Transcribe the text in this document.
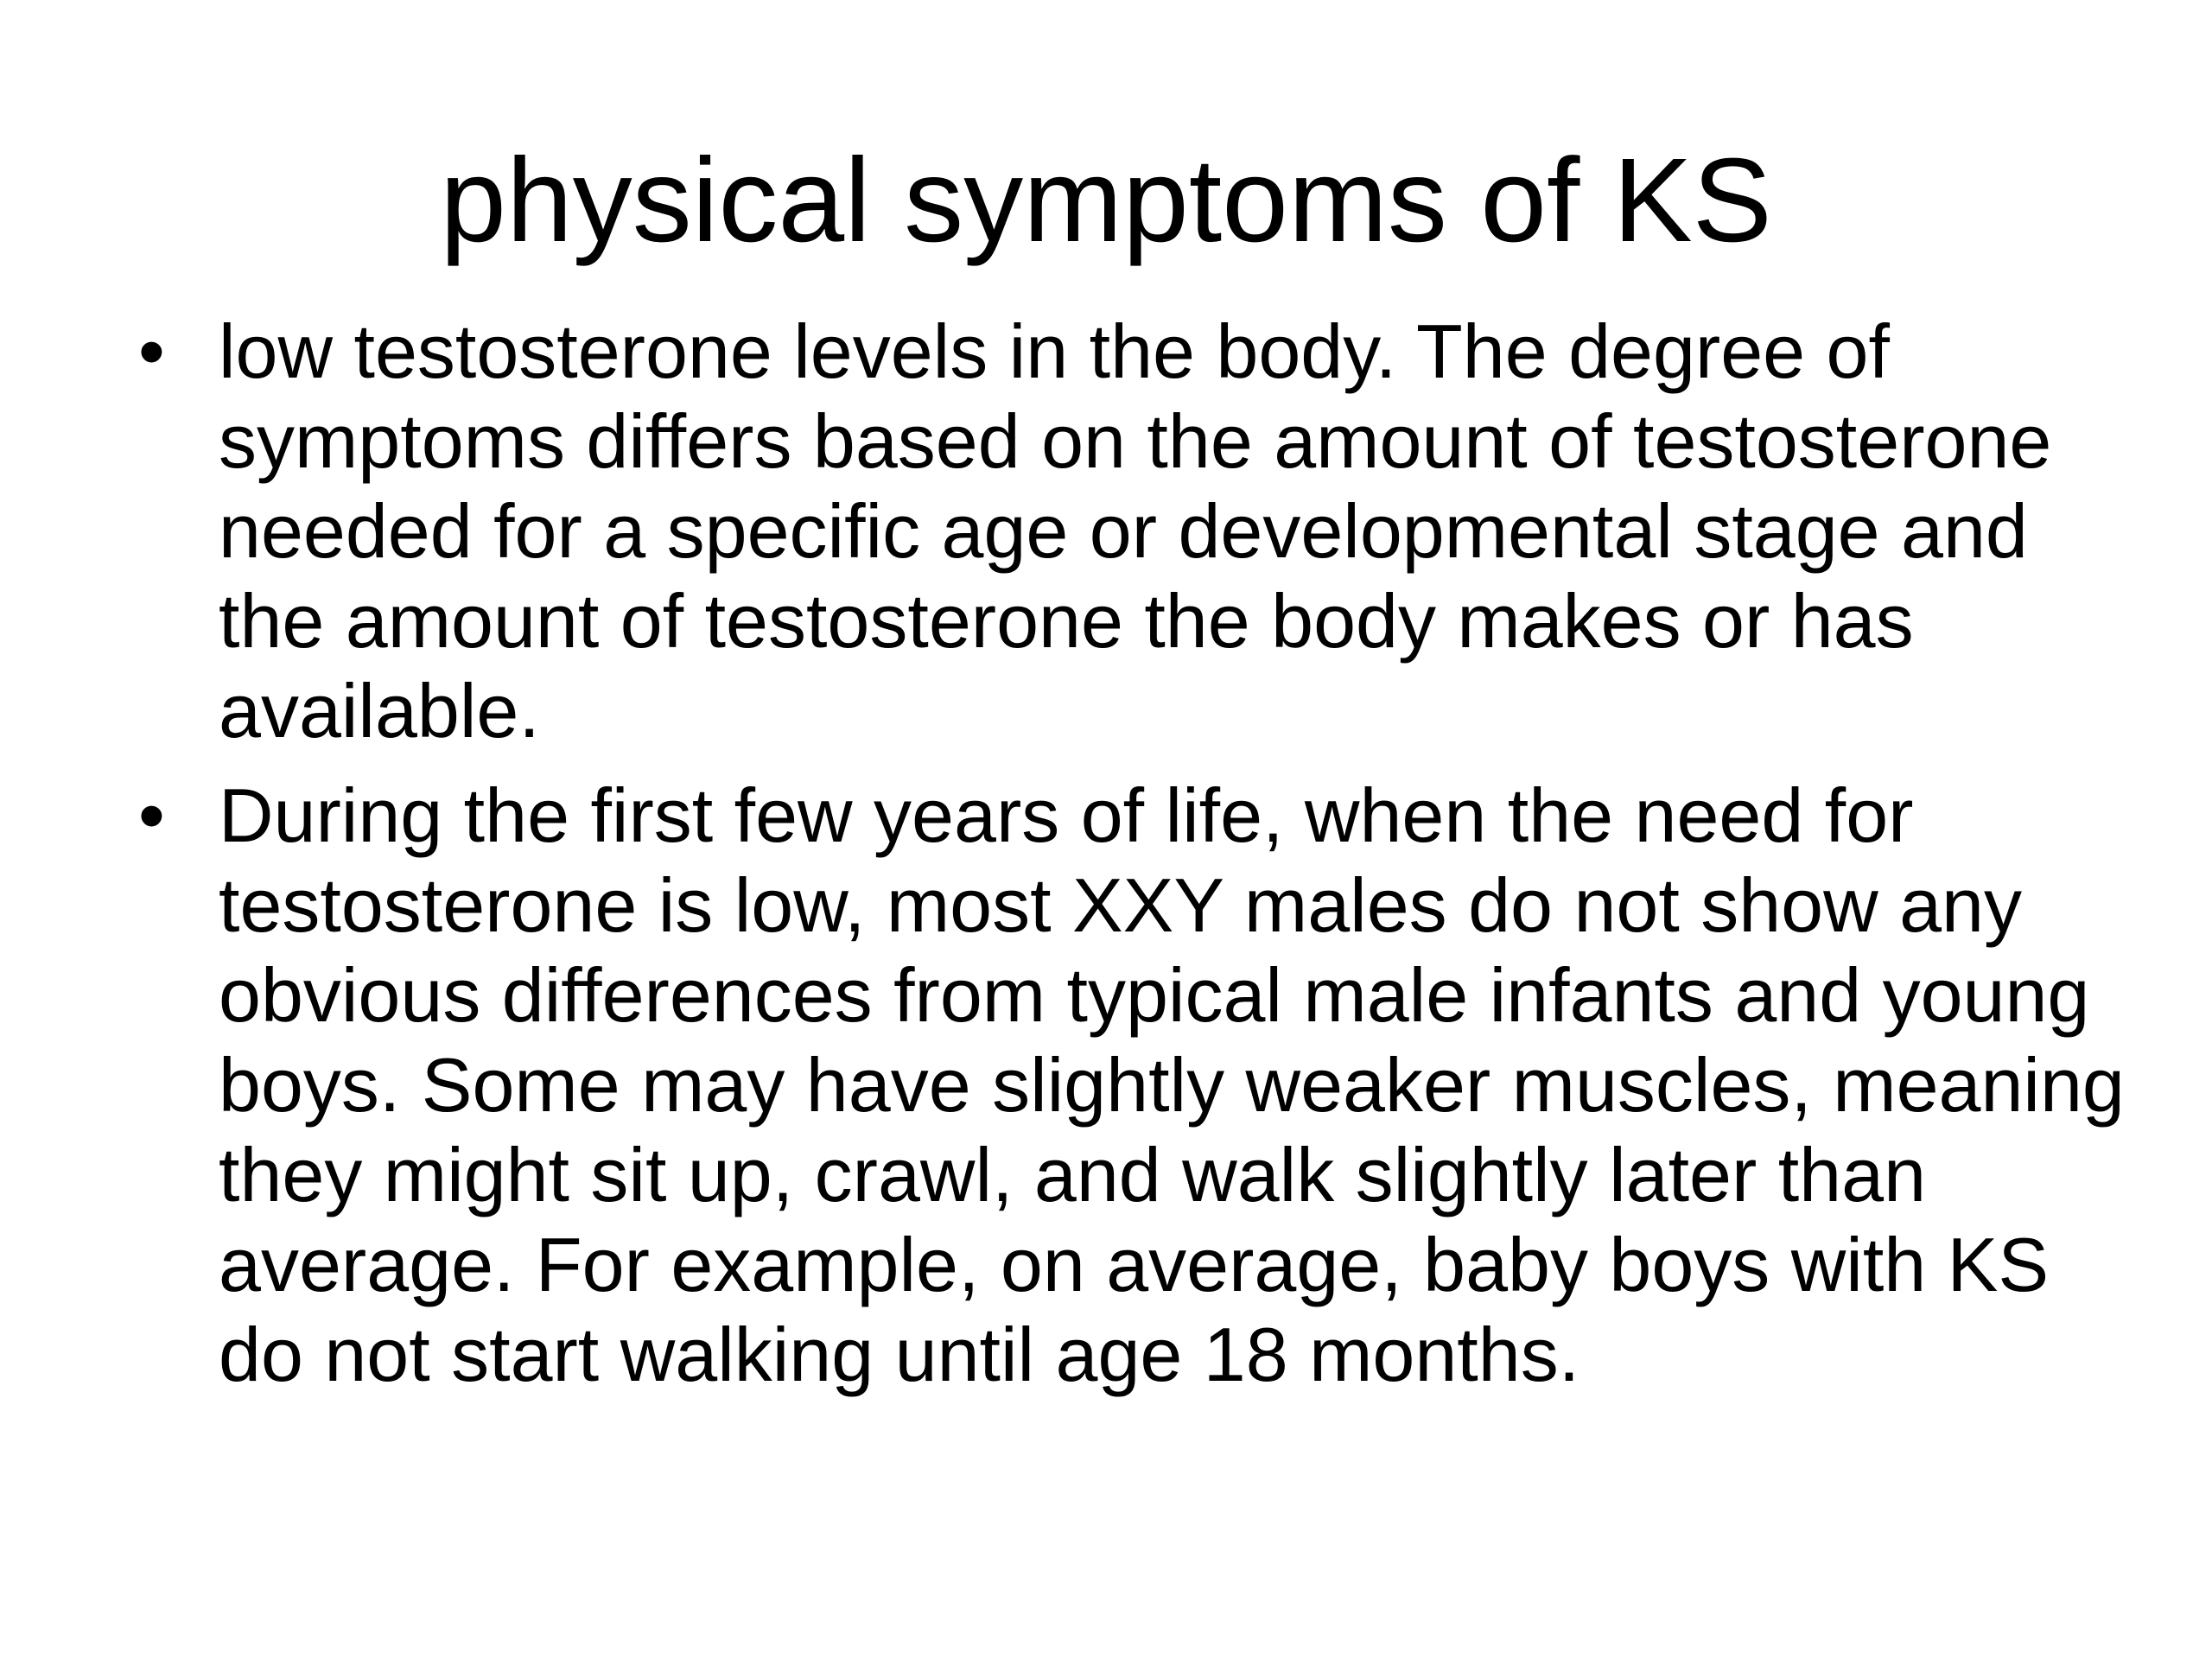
physical symptoms of KS
• low testosterone levels in the body. The degree of symptoms differs based on the amount of testosterone needed for a specific age or developmental stage and the amount of testosterone the body makes or has available.
• During the first few years of life, when the need for testosterone is low, most XXY males do not show any obvious differences from typical male infants and young boys. Some may have slightly weaker muscles, meaning they might sit up, crawl, and walk slightly later than average. For example, on average, baby boys with KS do not start walking until age 18 months.
